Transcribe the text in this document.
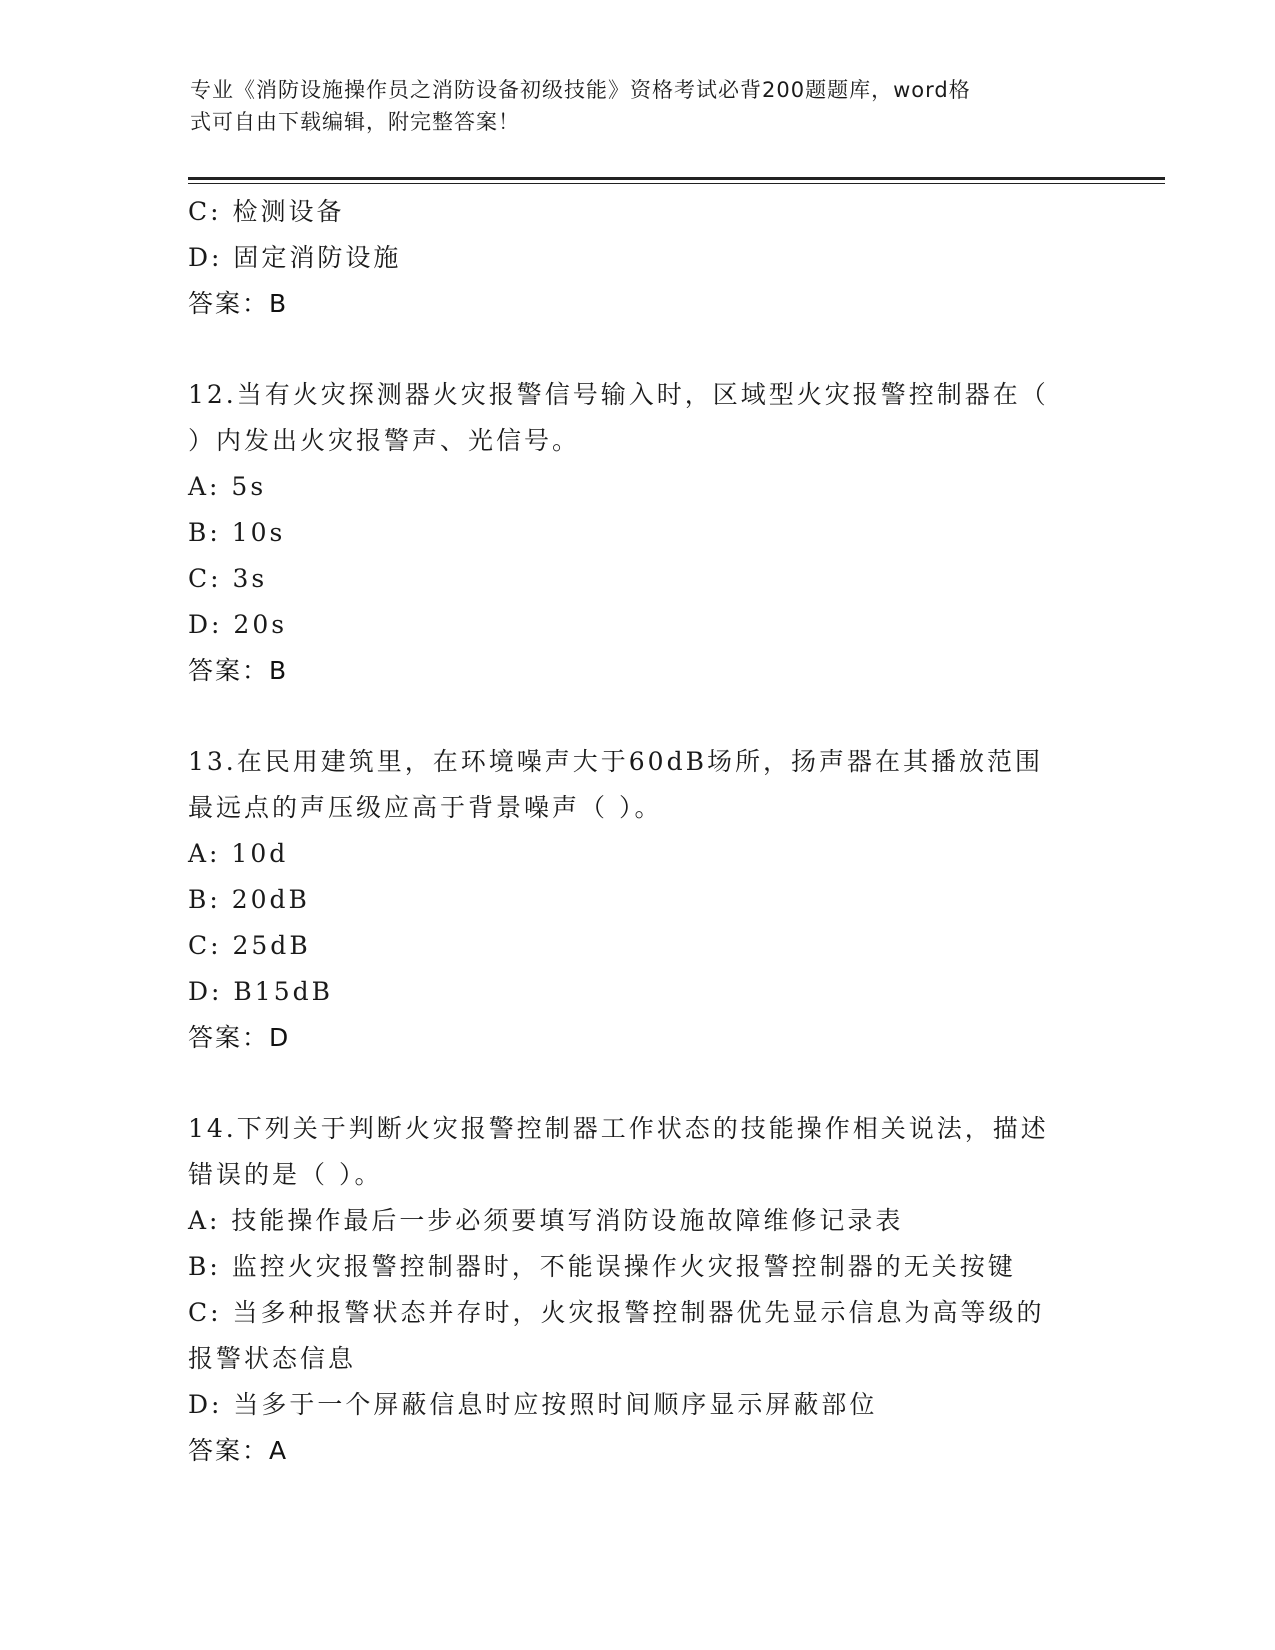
专业《消防设施操作员之消防设备初级技能》资格考试必背200题题库，word格
式可自由下载编辑，附完整答案！
C: 检测设备
D: 固定消防设施
答案：B
12.当有火灾探测器火灾报警信号输入时，区域型火灾报警控制器在（
）内发出火灾报警声、光信号。
A: 5s
B: 10s
C: 3s
D: 20s
答案：B
13.在民用建筑里，在环境噪声大于60dB场所，扬声器在其播放范围
最远点的声压级应高于背景噪声（ ）。
A: 10d
B: 20dB
C: 25dB
D: B15dB
答案：D
14.下列关于判断火灾报警控制器工作状态的技能操作相关说法，描述
错误的是（ ）。
A: 技能操作最后一步必须要填写消防设施故障维修记录表
B: 监控火灾报警控制器时，不能误操作火灾报警控制器的无关按键
C: 当多种报警状态并存时，火灾报警控制器优先显示信息为高等级的
报警状态信息
D: 当多于一个屏蔽信息时应按照时间顺序显示屏蔽部位
答案：A
